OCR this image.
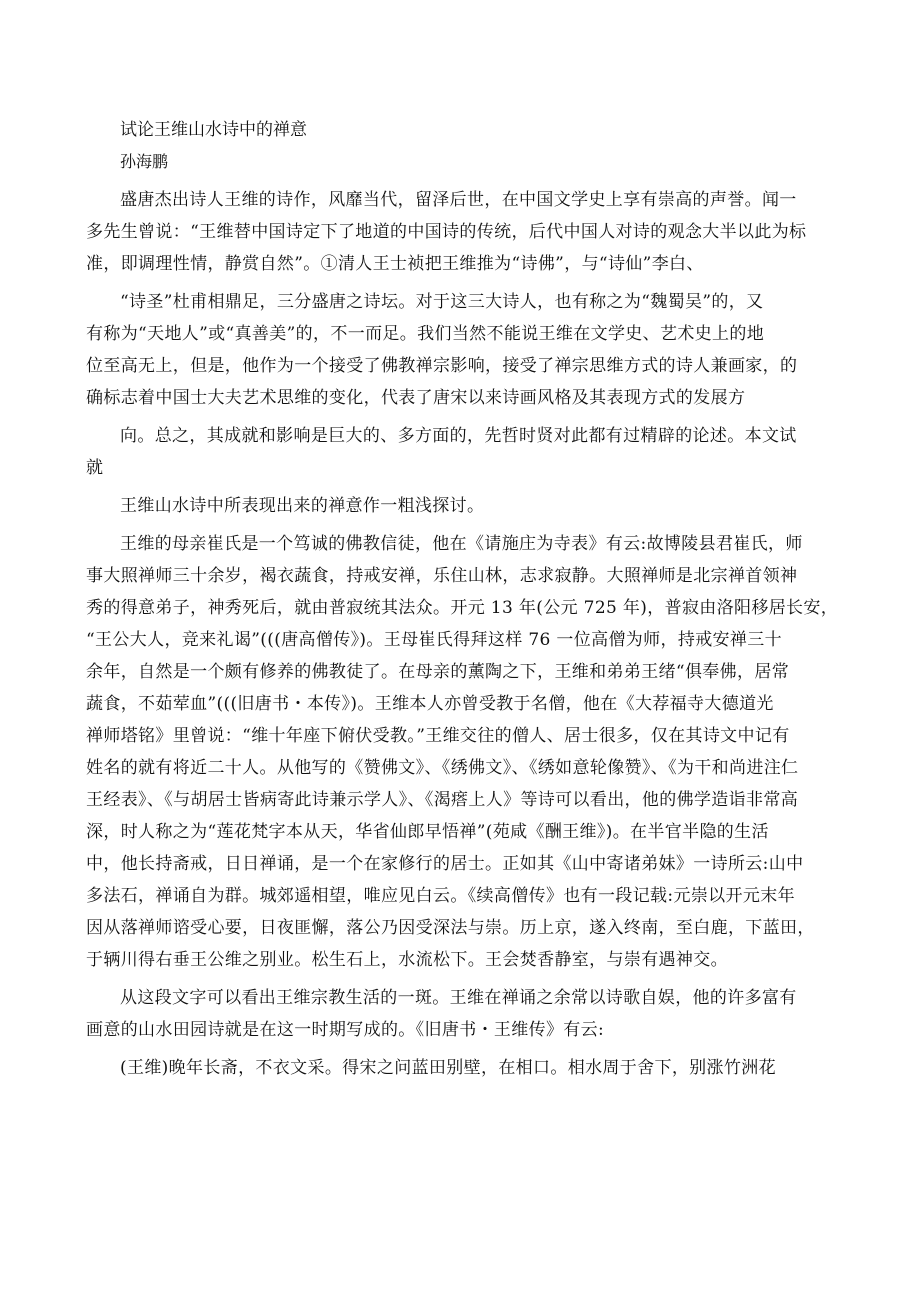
试论王维山水诗中的禅意
孙海鹏
盛唐杰出诗人王维的诗作，风靡当代，留泽后世，在中国文学史上享有崇高的声誉。闻一
多先生曾说：“王维替中国诗定下了地道的中国诗的传统，后代中国人对诗的观念大半以此为标
准，即调理性情，静赏自然”。①清人王士祯把王维推为“诗佛”，与“诗仙”李白、
“诗圣”杜甫相鼎足，三分盛唐之诗坛。对于这三大诗人，也有称之为“魏蜀吴”的，又
有称为“天地人”或“真善美”的，不一而足。我们当然不能说王维在文学史、艺术史上的地
位至高无上，但是，他作为一个接受了佛教禅宗影响，接受了禅宗思维方式的诗人兼画家，的
确标志着中国士大夫艺术思维的变化，代表了唐宋以来诗画风格及其表现方式的发展方
向。总之，其成就和影响是巨大的、多方面的，先哲时贤对此都有过精辟的论述。本文试
就
王维山水诗中所表现出来的禅意作一粗浅探讨。
王维的母亲崔氏是一个笃诚的佛教信徒，他在《请施庄为寺表》有云:故博陵县君崔氏，师
事大照禅师三十余岁，褐衣蔬食，持戒安禅，乐住山林，志求寂静。大照禅师是北宗禅首领神
秀的得意弟子，神秀死后，就由普寂统其法众。开元 13 年(公元 725 年)，普寂由洛阳移居长安，
“王公大人，竞来礼谒”(((唐高僧传》)。王母崔氏得拜这样 76 一位高僧为师，持戒安禅三十
余年，自然是一个颇有修养的佛教徒了。在母亲的薰陶之下，王维和弟弟王绪“俱奉佛，居常
蔬食，不茹荤血”(((旧唐书・本传》)。王维本人亦曾受教于名僧，他在《大荐福寺大德道光
禅师塔铭》里曾说：“维十年座下俯伏受教。”王维交往的僧人、居士很多，仅在其诗文中记有
姓名的就有将近二十人。从他写的《赞佛文》、《绣佛文》、《绣如意轮像赞》、《为干和尚进注仁
王经表》、《与胡居士皆病寄此诗兼示学人》、《渴瘩上人》等诗可以看出，他的佛学造诣非常高
深，时人称之为“莲花梵字本从天，华省仙郎早悟禅”(苑咸《酬王维》)。在半官半隐的生活
中，他长持斋戒，日日禅诵，是一个在家修行的居士。正如其《山中寄诸弟妹》一诗所云:山中
多法石，禅诵自为群。城郊遥相望，唯应见白云。《续高僧传》也有一段记载:元崇以开元末年
因从落禅师谘受心要，日夜匪懈，落公乃因受深法与崇。历上京，遂入终南，至白鹿，下蓝田，
于辆川得右垂王公维之别业。松生石上，水流松下。王会焚香静室，与崇有遇神交。
从这段文字可以看出王维宗教生活的一斑。王维在禅诵之余常以诗歌自娱，他的许多富有
画意的山水田园诗就是在这一时期写成的。《旧唐书・王维传》有云:
(王维)晚年长斋，不衣文采。得宋之问蓝田别壁，在相口。相水周于舍下，别涨竹洲花
